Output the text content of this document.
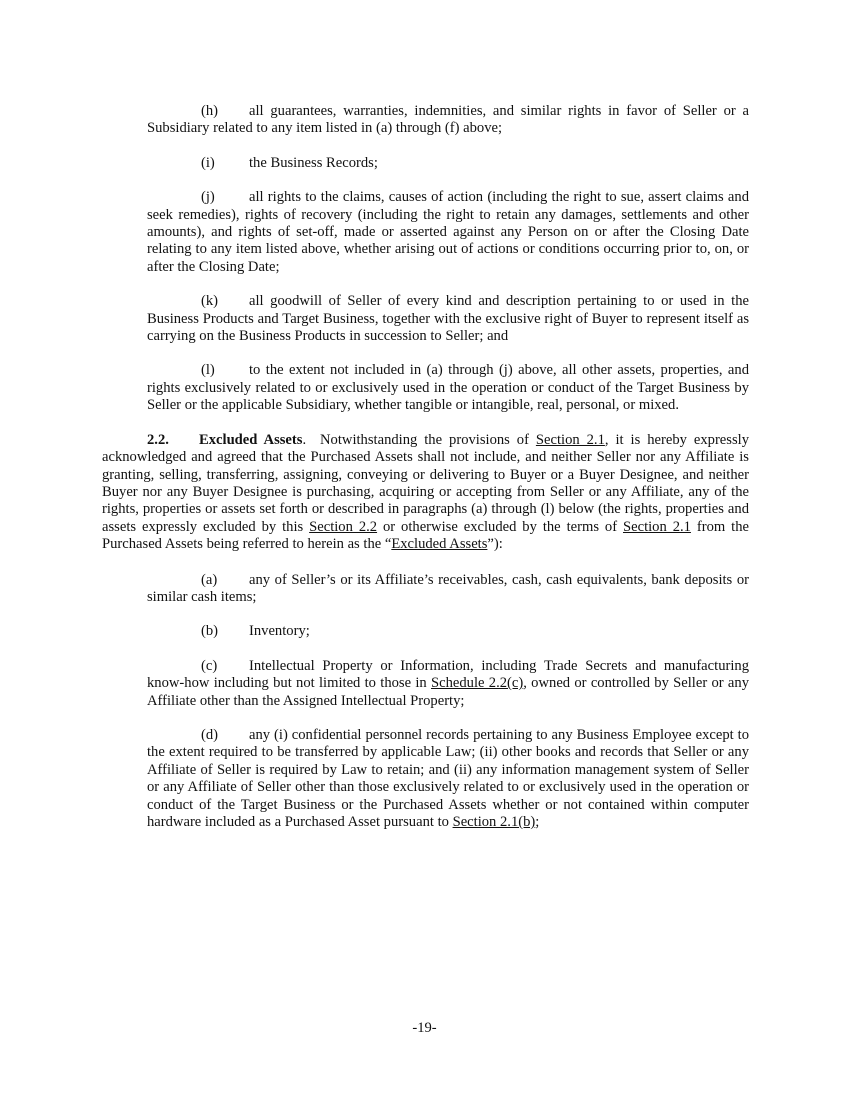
(h) all guarantees, warranties, indemnities, and similar rights in favor of Seller or a Subsidiary related to any item listed in (a) through (f) above;

(i) the Business Records;

(j) all rights to the claims, causes of action (including the right to sue, assert claims and seek remedies), rights of recovery (including the right to retain any damages, settlements and other amounts), and rights of set-off, made or asserted against any Person on or after the Closing Date relating to any item listed above, whether arising out of actions or conditions occurring prior to, on, or after the Closing Date;

(k) all goodwill of Seller of every kind and description pertaining to or used in the Business Products and Target Business, together with the exclusive right of Buyer to represent itself as carrying on the Business Products in succession to Seller; and

(l) to the extent not included in (a) through (j) above, all other assets, properties, and rights exclusively related to or exclusively used in the operation or conduct of the Target Business by Seller or the applicable Subsidiary, whether tangible or intangible, real, personal, or mixed.

2.2. Excluded Assets. Notwithstanding the provisions of Section 2.1, it is hereby expressly acknowledged and agreed that the Purchased Assets shall not include, and neither Seller nor any Affiliate is granting, selling, transferring, assigning, conveying or delivering to Buyer or a Buyer Designee, and neither Buyer nor any Buyer Designee is purchasing, acquiring or accepting from Seller or any Affiliate, any of the rights, properties or assets set forth or described in paragraphs (a) through (l) below (the rights, properties and assets expressly excluded by this Section 2.2 or otherwise excluded by the terms of Section 2.1 from the Purchased Assets being referred to herein as the “Excluded Assets”):

(a) any of Seller’s or its Affiliate’s receivables, cash, cash equivalents, bank deposits or similar cash items;

(b) Inventory;

(c) Intellectual Property or Information, including Trade Secrets and manufacturing know-how including but not limited to those in Schedule 2.2(c), owned or controlled by Seller or any Affiliate other than the Assigned Intellectual Property;

(d) any (i) confidential personnel records pertaining to any Business Employee except to the extent required to be transferred by applicable Law; (ii) other books and records that Seller or any Affiliate of Seller is required by Law to retain; and (ii) any information management system of Seller or any Affiliate of Seller other than those exclusively related to or exclusively used in the operation or conduct of the Target Business or the Purchased Assets whether or not contained within computer hardware included as a Purchased Asset pursuant to Section 2.1(b);

-19-
